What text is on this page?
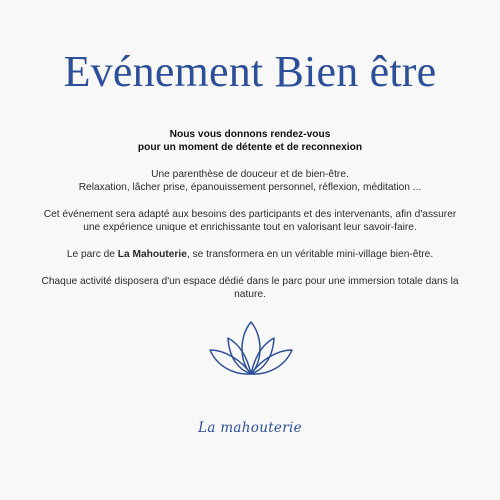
Evénement Bien être

Nous vous donnons rendez-vous
pour un moment de détente et de reconnexion

Une parenthèse de douceur et de bien-être.
Relaxation, lâcher prise, épanouissement personnel, réflexion, méditation ...

Cet événement sera adapté aux besoins des participants et des intervenants, afin d'assurer une expérience unique et enrichissante tout en valorisant leur savoir-faire.

Le parc de La Mahouterie, se transformera en un véritable mini-village bien-être.

Chaque activité disposera d'un espace dédié dans le parc pour une immersion totale dans la nature.

La mahouterie
